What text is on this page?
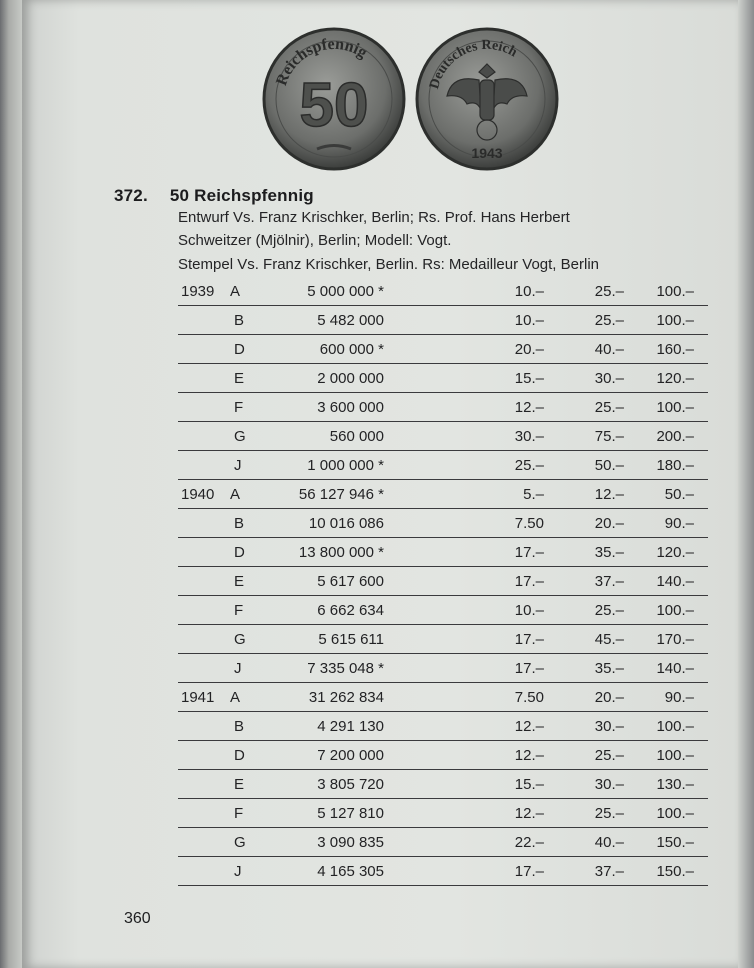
Reichspfennig
50	Deutsches Reich
1943
372. 50 Reichspfennig
Entwurf Vs. Franz Krischker, Berlin; Rs. Prof. Hans Herbert
Schweitzer (Mjölnir), Berlin; Modell: Vogt.
Stempel Vs. Franz Krischker, Berlin. Rs: Medailleur Vogt, Berlin
1939 A	5 000 000 *	10.–	25.–	100.–
B	5 482 000	10.–	25.–	100.–
D	600 000 *	20.–	40.–	160.–
E	2 000 000	15.–	30.–	120.–
F	3 600 000	12.–	25.–	100.–
G	560 000	30.–	75.–	200.–
J	1 000 000 *	25.–	50.–	180.–
1940 A	56 127 946 *	5.–	12.–	50.–
B	10 016 086	7.50	20.–	90.–
D	13 800 000 *	17.–	35.–	120.–
E	5 617 600	17.–	37.–	140.–
F	6 662 634	10.–	25.–	100.–
G	5 615 611	17.–	45.–	170.–
J	7 335 048 *	17.–	35.–	140.–
1941 A	31 262 834	7.50	20.–	90.–
B	4 291 130	12.–	30.–	100.–
D	7 200 000	12.–	25.–	100.–
E	3 805 720	15.–	30.–	130.–
F	5 127 810	12.–	25.–	100.–
G	3 090 835	22.–	40.–	150.–
J	4 165 305	17.–	37.–	150.–
360
